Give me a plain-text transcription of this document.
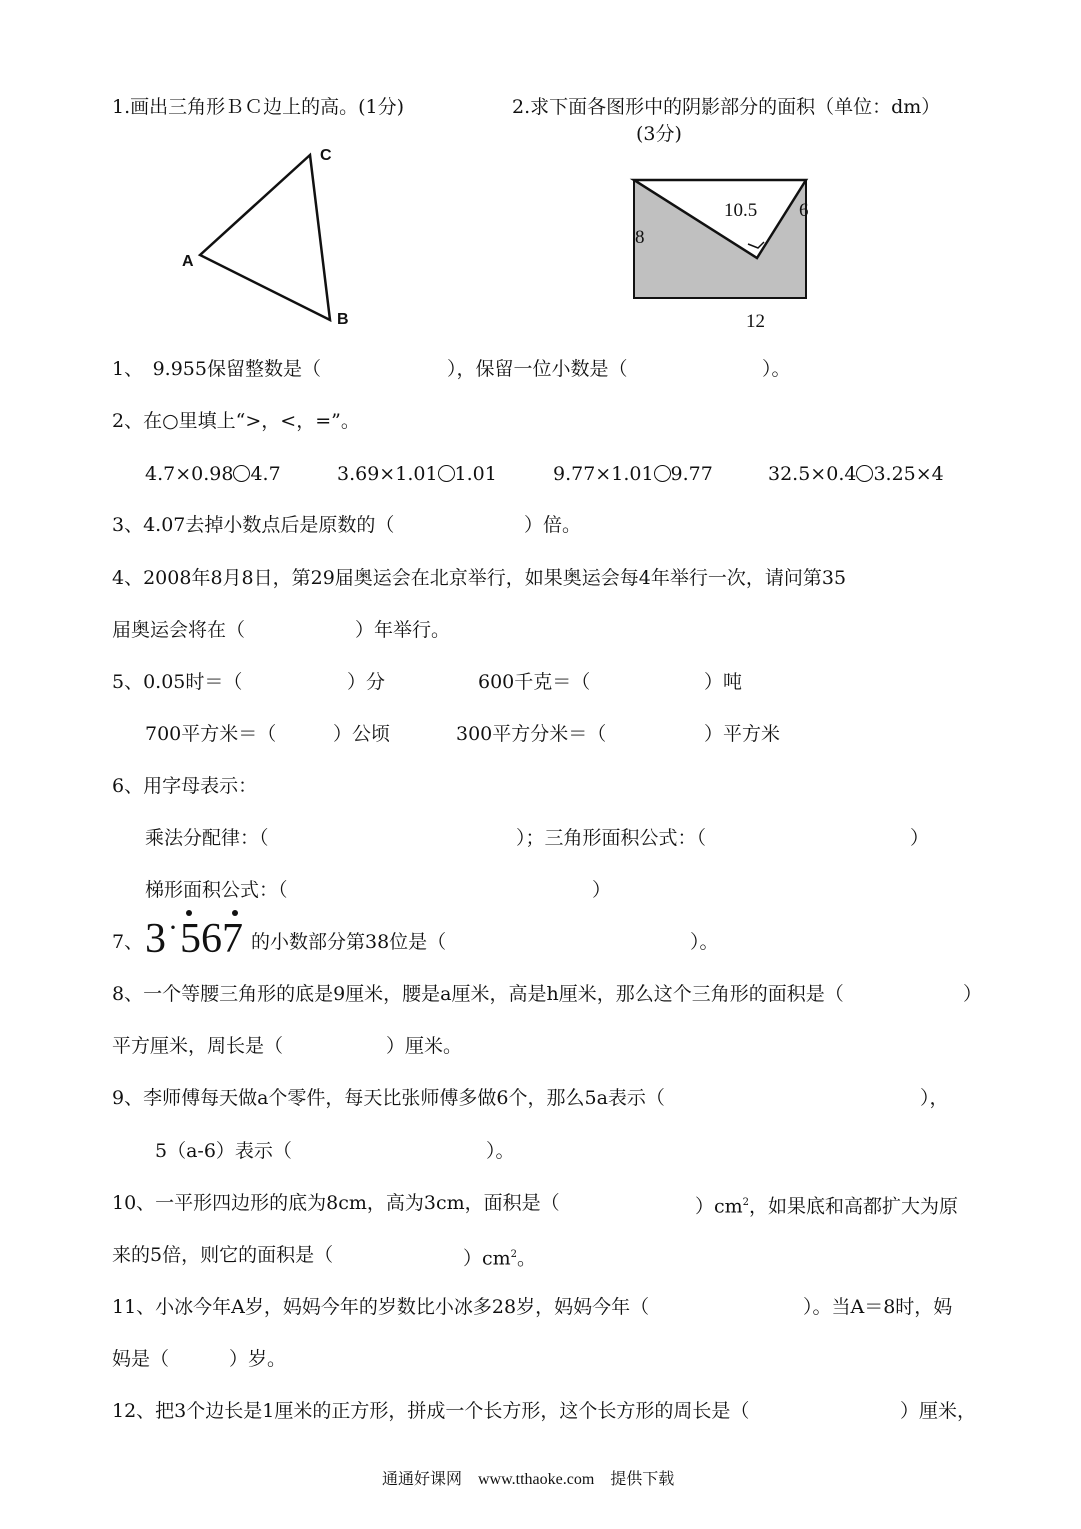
1.画出三角形ＢＣ边上的高。(1分)	2.求下面各图形中的阴影部分的面积（单位：dm）
(3分)
A
B
C
8
10.5 6
12
1、　9.955保留整数是（	），保留一位小数是（	）。
2、在○里填上“>，<，=”。
4.7×0.98 4.7	3.69×1.01 1.01	9.77×1.01 9.77	32.5×0.4 3.25×4
3、4.07去掉小数点后是原数的（	）倍。
4、2008年8月8日，第29届奥运会在北京举行，如果奥运会每4年举行一次，请问第35
届奥运会将在（	）年举行。
5、0.05时＝（	）分	600千克＝（	）吨
700平方米＝（	）公顷	300平方分米＝（	）平方米
6、用字母表示：
乘法分配律：（	）；三角形面积公式：（	）
梯形面积公式：（	）
7、 3 · 567 的小数部分第38位是（	）。
8、一个等腰三角形的底是9厘米，腰是a厘米，高是h厘米，那么这个三角形的面积是（	）
平方厘米，周长是（	）厘米。
9、李师傅每天做a个零件，每天比张师傅多做6个，那么5a表示（	），
5（a-6）表示（	）。
10、一平形四边形的底为8cm，高为3cm，面积是（	）$cm^2$，如果底和高都扩大为原
来的5倍，则它的面积是（	）$cm^2$。
11、小冰今年A岁，妈妈今年的岁数比小冰多28岁，妈妈今年（	）。当A＝8时，妈
妈是（	）岁。
12、把3个边长是1厘米的正方形，拼成一个长方形，这个长方形的周长是（	）厘米，
通通好课网　www.tthaoke.com　提供下载
